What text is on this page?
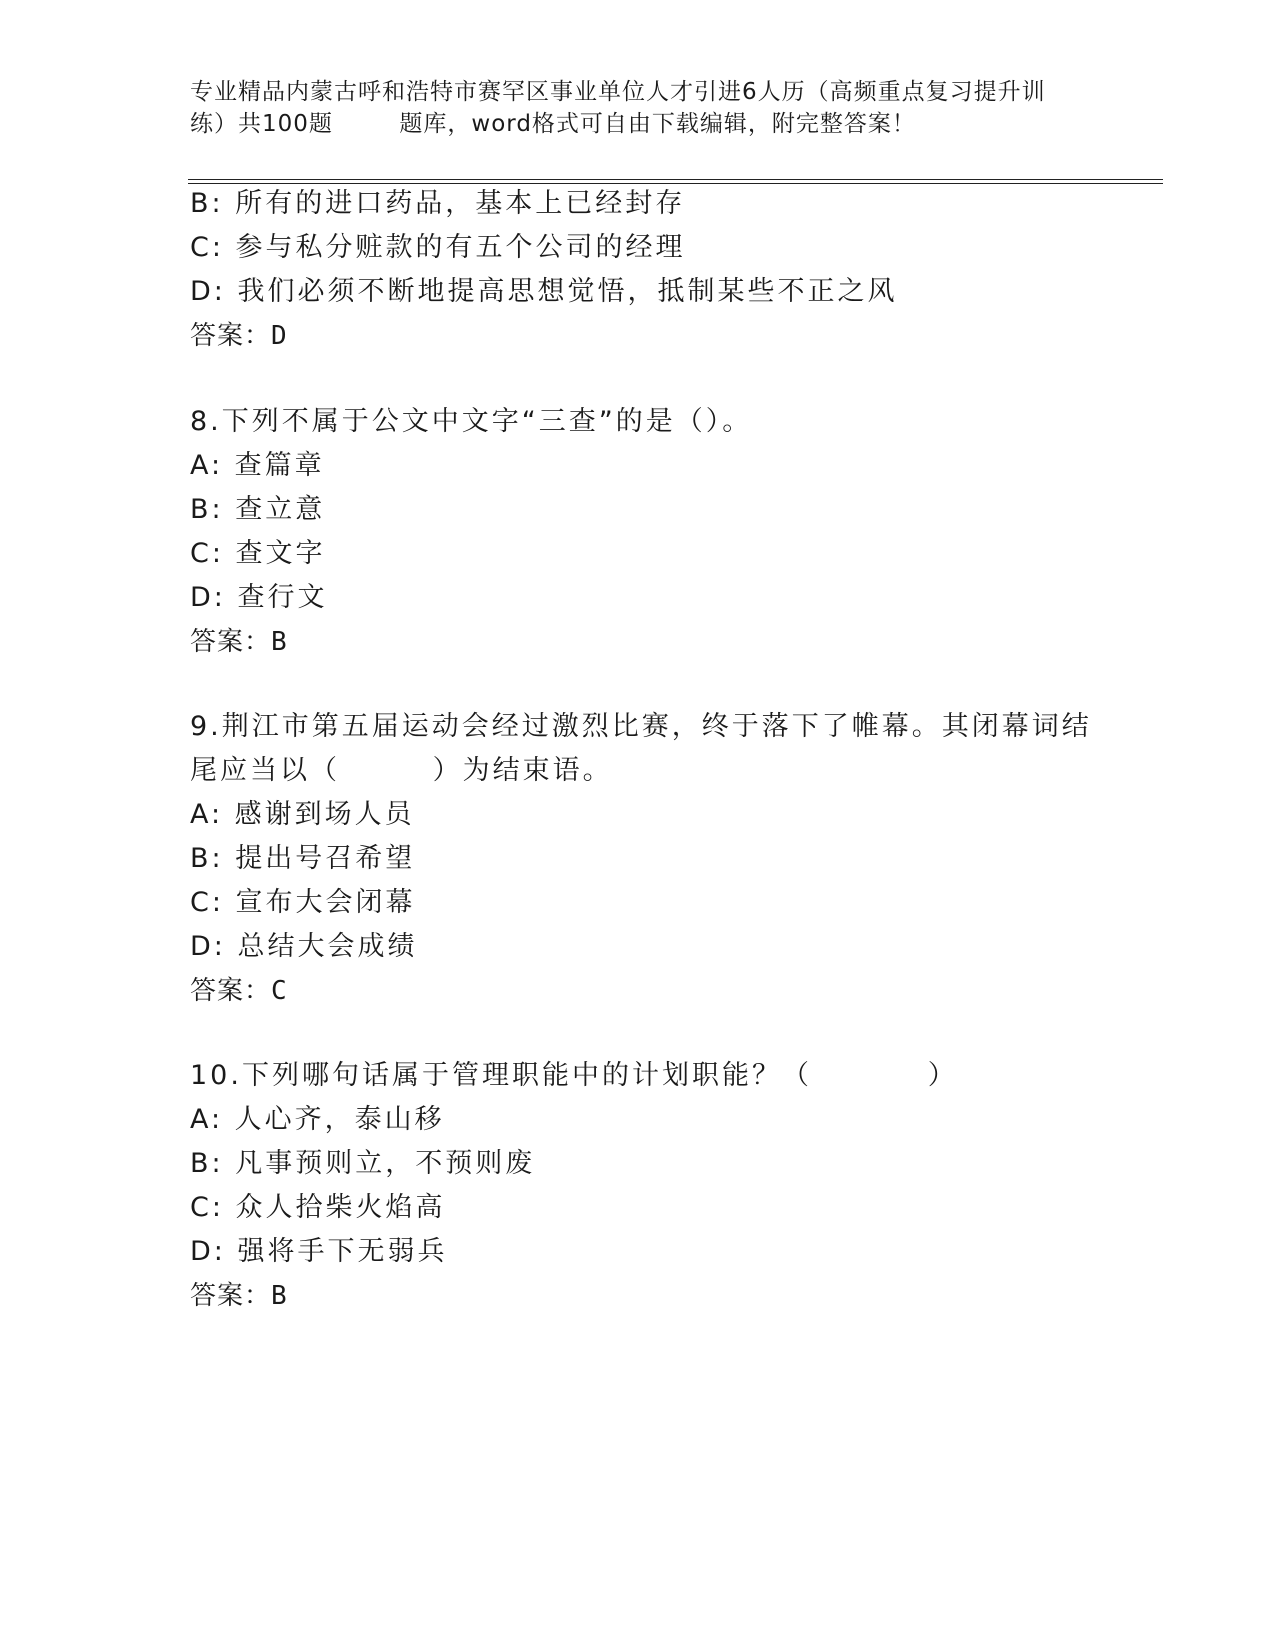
专业精品内蒙古呼和浩特市赛罕区事业单位人才引进6人历（高频重点复习提升训
练）共100题        题库，word格式可自由下载编辑，附完整答案！
B: 所有的进口药品，基本上已经封存
C: 参与私分赃款的有五个公司的经理
D: 我们必须不断地提高思想觉悟，抵制某些不正之风
答案：D
8.下列不属于公文中文字“三查”的是（）。
A: 查篇章
B: 查立意
C: 查文字
D: 查行文
答案：B
9.荆江市第五届运动会经过激烈比赛，终于落下了帷幕。其闭幕词结
尾应当以（        ）为结束语。
A: 感谢到场人员
B: 提出号召希望
C: 宣布大会闭幕
D: 总结大会成绩
答案：C
10.下列哪句话属于管理职能中的计划职能？（          ）
A: 人心齐，泰山移
B: 凡事预则立，不预则废
C: 众人拾柴火焰高
D: 强将手下无弱兵
答案：B
